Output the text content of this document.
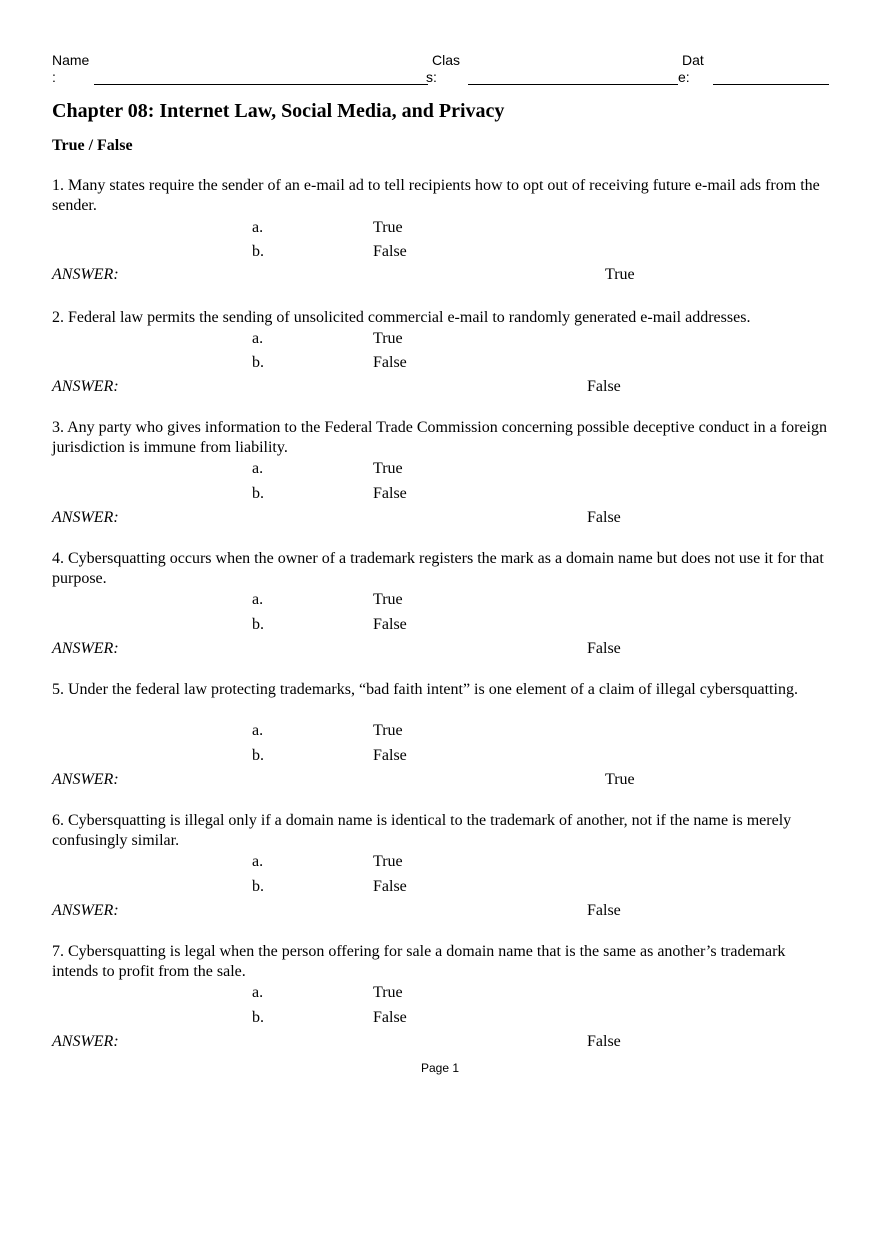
Name
:
Clas
s:
Dat
e:
Chapter 08: Internet Law, Social Media, and Privacy
True / False
1. Many states require the sender of an e-mail ad to tell recipients how to opt out of receiving future e-mail ads from the sender.
a.	True
b.	False
ANSWER:	True
2. Federal law permits the sending of unsolicited commercial e-mail to randomly generated e-mail addresses.
a.	True
b.	False
ANSWER:	False
3. Any party who gives information to the Federal Trade Commission concerning possible deceptive conduct in a foreign jurisdiction is immune from liability.
a.	True
b.	False
ANSWER:	False
4. Cybersquatting occurs when the owner of a trademark registers the mark as a domain name but does not use it for that purpose.
a.	True
b.	False
ANSWER:	False
5. Under the federal law protecting trademarks, “bad faith intent” is one element of a claim of illegal cybersquatting.
a.	True
b.	False
ANSWER:	True
6. Cybersquatting is illegal only if a domain name is identical to the trademark of another, not if the name is merely confusingly similar.
a.	True
b.	False
ANSWER:	False
7. Cybersquatting is legal when the person offering for sale a domain name that is the same as another’s trademark intends to profit from the sale.
a.	True
b.	False
ANSWER:	False
Page 1
